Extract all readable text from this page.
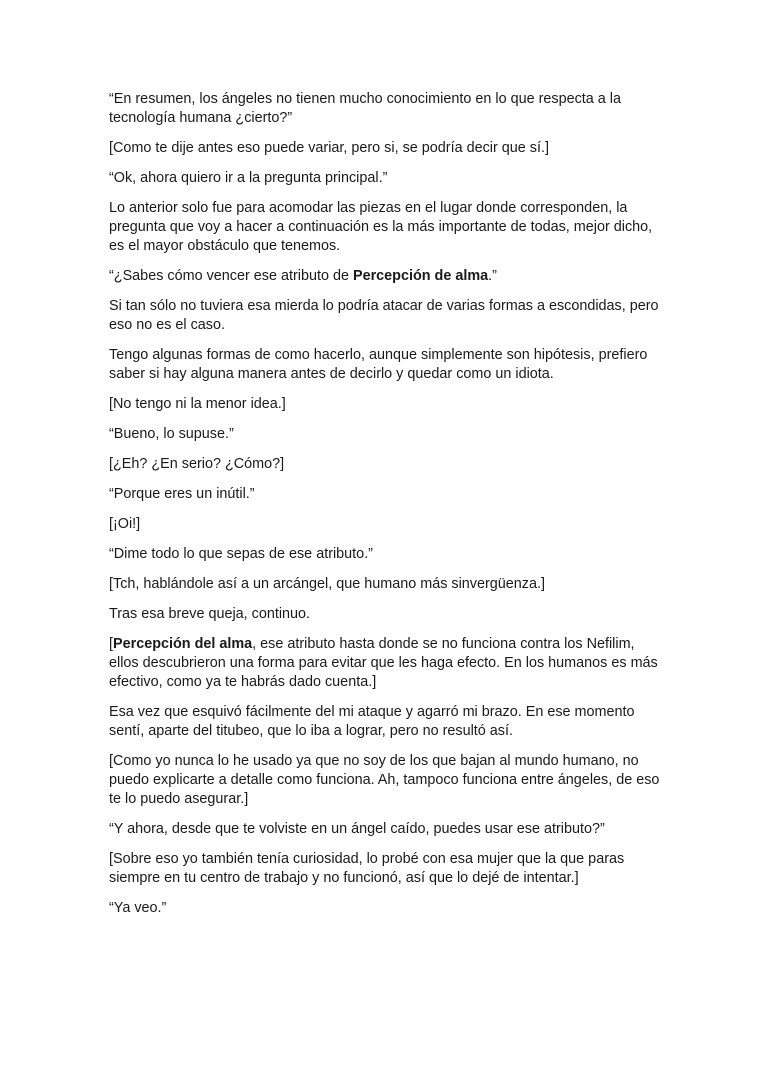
“En resumen, los ángeles no tienen mucho conocimiento en lo que respecta a la tecnología humana ¿cierto?”

[Como te dije antes eso puede variar, pero si, se podría decir que sí.]

“Ok, ahora quiero ir a la pregunta principal.”

Lo anterior solo fue para acomodar las piezas en el lugar donde corresponden, la pregunta que voy a hacer a continuación es la más importante de todas, mejor dicho, es el mayor obstáculo que tenemos.

“¿Sabes cómo vencer ese atributo de Percepción de alma.”

Si tan sólo no tuviera esa mierda lo podría atacar de varias formas a escondidas, pero eso no es el caso.

Tengo algunas formas de como hacerlo, aunque simplemente son hipótesis, prefiero saber si hay alguna manera antes de decirlo y quedar como un idiota.

[No tengo ni la menor idea.]

“Bueno, lo supuse.”

[¿Eh? ¿En serio? ¿Cómo?]

“Porque eres un inútil.”

[¡Oi!]

“Dime todo lo que sepas de ese atributo.”

[Tch, hablándole así a un arcángel, que humano más sinvergüenza.]

Tras esa breve queja, continuo.

[Percepción del alma, ese atributo hasta donde se no funciona contra los Nefilim, ellos descubrieron una forma para evitar que les haga efecto. En los humanos es más efectivo, como ya te habrás dado cuenta.]

Esa vez que esquivó fácilmente del mi ataque y agarró mi brazo. En ese momento sentí, aparte del titubeo, que lo iba a lograr, pero no resultó así.

[Como yo nunca lo he usado ya que no soy de los que bajan al mundo humano, no puedo explicarte a detalle como funciona. Ah, tampoco funciona entre ángeles, de eso te lo puedo asegurar.]

“Y ahora, desde que te volviste en un ángel caído, puedes usar ese atributo?”

[Sobre eso yo también tenía curiosidad, lo probé con esa mujer que la que paras siempre en tu centro de trabajo y no funcionó, así que lo dejé de intentar.]

“Ya veo.”
